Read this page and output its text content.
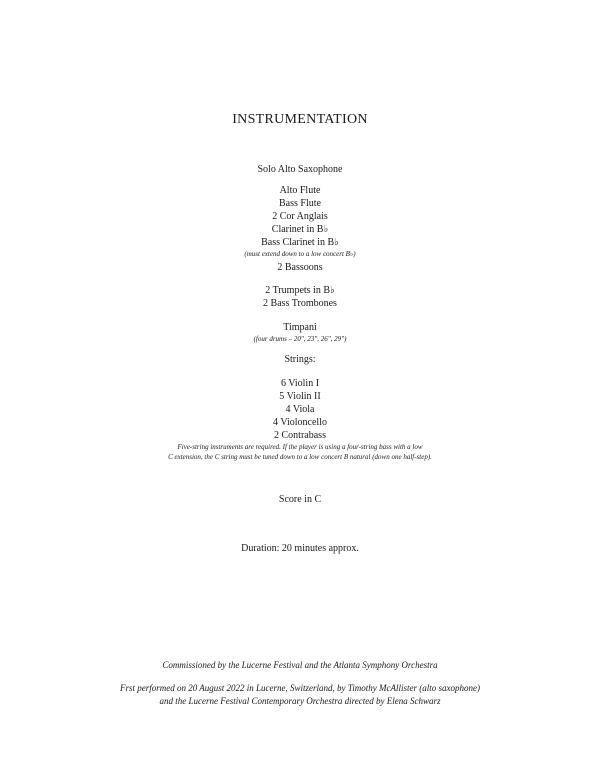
INSTRUMENTATION
Solo Alto Saxophone
Alto Flute
Bass Flute
2 Cor Anglais
Clarinet in B♭
Bass Clarinet in B♭
(must extend down to a low concert B♭)
2 Bassoons
2 Trumpets in B♭
2 Bass Trombones
Timpani
(four drums – 20", 23", 26", 29")
Strings:
6 Violin I
5 Violin II
4 Viola
4 Violoncello
2 Contrabass
Five-string instruments are required. If the player is using a four-string bass with a low
C extension, the C string must be tuned down to a low concert B natural (down one half-step).
Score in C
Duration: 20 minutes approx.
Commissioned by the Lucerne Festival and the Atlanta Symphony Orchestra
Frst performed on 20 August 2022 in Lucerne, Switzerland, by Timothy McAllister (alto saxophone)
and the Lucerne Festival Contemporary Orchestra directed by Elena Schwarz
